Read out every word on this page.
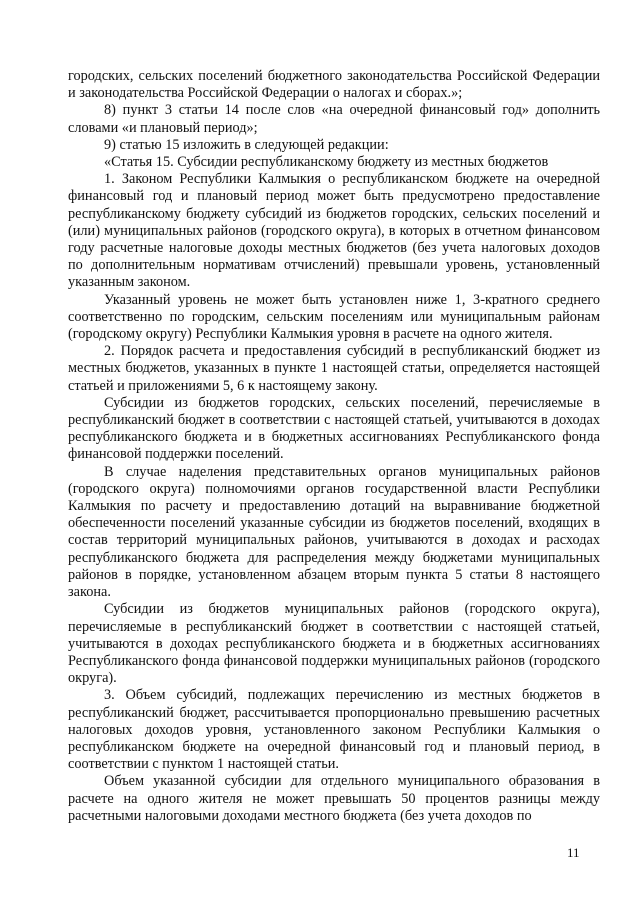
городских, сельских поселений бюджетного законодательства Российской Федерации и законодательства Российской Федерации о налогах и сборах.»;

8) пункт 3 статьи 14 после слов «на очередной финансовый год» дополнить словами «и плановый период»;

9) статью 15 изложить в следующей редакции:

«Статья 15. Субсидии республиканскому бюджету из местных бюджетов

1. Законом Республики Калмыкия о республиканском бюджете на очередной финансовый год и плановый период может быть предусмотрено предоставление республиканскому бюджету субсидий из бюджетов городских, сельских поселений и (или) муниципальных районов (городского округа), в которых в отчетном финансовом году расчетные налоговые доходы местных бюджетов (без учета налоговых доходов по дополнительным нормативам отчислений) превышали уровень, установленный указанным законом.

Указанный уровень не может быть установлен ниже 1, 3-кратного среднего соответственно по городским, сельским поселениям или муниципальным районам (городскому округу) Республики Калмыкия уровня в расчете на одного жителя.

2. Порядок расчета и предоставления субсидий в республиканский бюджет из местных бюджетов, указанных в пункте 1 настоящей статьи, определяется настоящей статьей и приложениями 5, 6 к настоящему закону.

Субсидии из бюджетов городских, сельских поселений, перечисляемые в республиканский бюджет в соответствии с настоящей статьей, учитываются в доходах республиканского бюджета и в бюджетных ассигнованиях Республиканского фонда финансовой поддержки поселений.

В случае наделения представительных органов муниципальных районов (городского округа) полномочиями органов государственной власти Республики Калмыкия по расчету и предоставлению дотаций на выравнивание бюджетной обеспеченности поселений указанные субсидии из бюджетов поселений, входящих в состав территорий муниципальных районов, учитываются в доходах и расходах республиканского бюджета для распределения между бюджетами муниципальных районов в порядке, установленном абзацем вторым пункта 5 статьи 8 настоящего закона.

Субсидии из бюджетов муниципальных районов (городского округа), перечисляемые в республиканский бюджет в соответствии с настоящей статьей, учитываются в доходах республиканского бюджета и в бюджетных ассигнованиях Республиканского фонда финансовой поддержки муниципальных районов (городского округа).

3. Объем субсидий, подлежащих перечислению из местных бюджетов в республиканский бюджет, рассчитывается пропорционально превышению расчетных налоговых доходов уровня, установленного законом Республики Калмыкия о республиканском бюджете на очередной финансовый год и плановый период, в соответствии с пунктом 1 настоящей статьи.

Объем указанной субсидии для отдельного муниципального образования в расчете на одного жителя не может превышать 50 процентов разницы между расчетными налоговыми доходами местного бюджета (без учета доходов по

11
